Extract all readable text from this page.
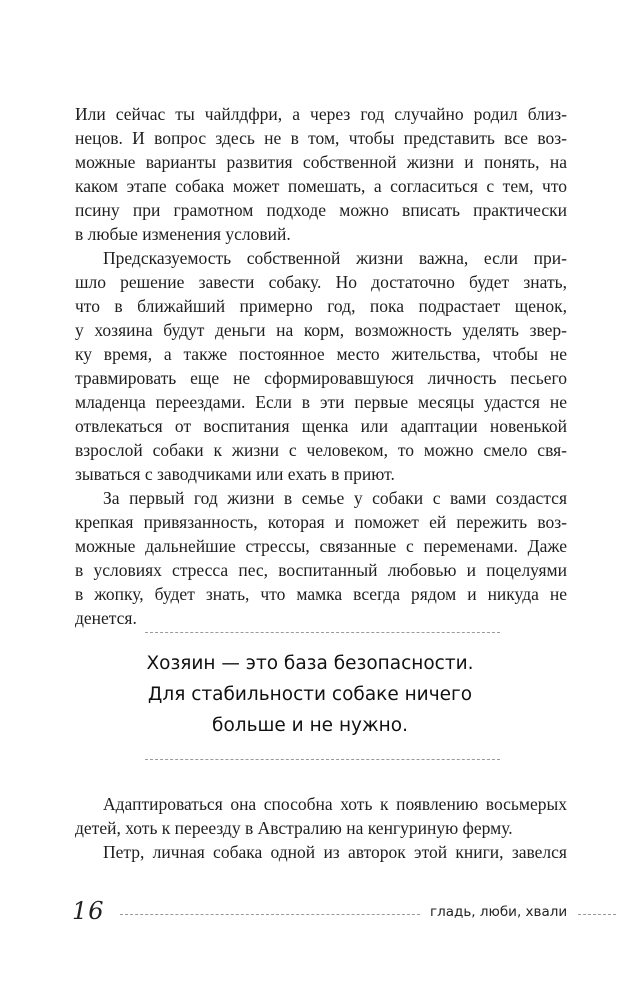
Или сейчас ты чайлдфри, а через год случайно родил близ-
нецов. И вопрос здесь не в том, чтобы представить все воз-
можные варианты развития собственной жизни и понять, на
каком этапе собака может помешать, а согласиться с тем, что
псину при грамотном подходе можно вписать практически
в любые изменения условий.
Предсказуемость собственной жизни важна, если при-
шло решение завести собаку. Но достаточно будет знать,
что в ближайший примерно год, пока подрастает щенок,
у хозяина будут деньги на корм, возможность уделять звер-
ку время, а также постоянное место жительства, чтобы не
травмировать еще не сформировавшуюся личность песьего
младенца переездами. Если в эти первые месяцы удастся не
отвлекаться от воспитания щенка или адаптации новенькой
взрослой собаки к жизни с человеком, то можно смело свя-
зываться с заводчиками или ехать в приют.
За первый год жизни в семье у собаки с вами создастся
крепкая привязанность, которая и поможет ей пережить воз-
можные дальнейшие стрессы, связанные с переменами. Даже
в условиях стресса пес, воспитанный любовью и поцелуями
в жопку, будет знать, что мамка всегда рядом и никуда не
денется.
Хозяин — это база безопасности.
Для стабильности собаке ничего
больше и не нужно.
Адаптироваться она способна хоть к появлению восьмерых
детей, хоть к переезду в Австралию на кенгуриную ферму.
Петр, личная собака одной из авторок этой книги, завелся
16	гладь, люби, хвали
